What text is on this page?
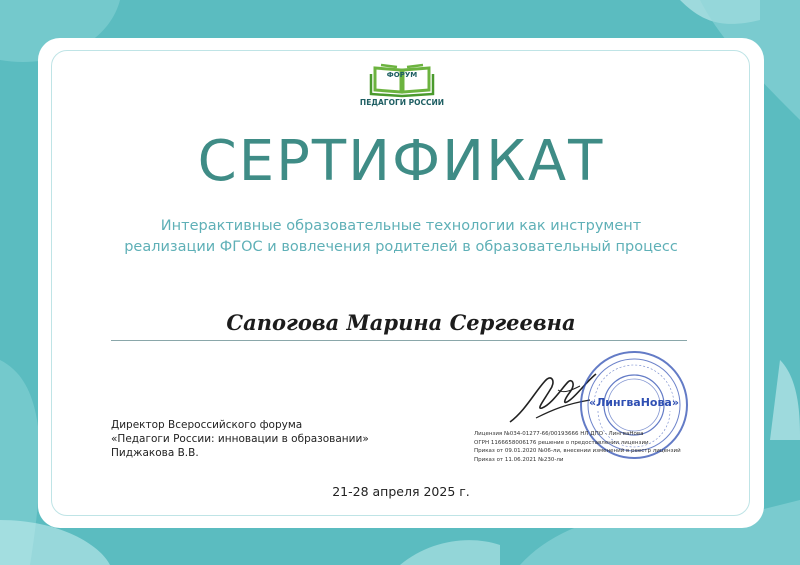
ФОРУМ
ПЕДАГОГИ РОССИИ
СЕРТИФИКАТ
Интерактивные образовательные технологии как инструмент
реализации ФГОС и вовлечения родителей в образовательный процесс
Сапогова Марина Сергеевна
Директор Всероссийского форума
«Педагоги России: инновации в образовании»
Пиджакова В.В.
«ЛингваНова»
Лицензия №034-01277-66/00193666 НЛ ДПО - ЛингваНова
ОГРН 1166658006176 решение о предоставлении лицензии
Приказ от 09.01.2020 №06-ли, внесении изменений в реестр лицензий
Приказ от 11.06.2021 №230-ли
21-28 апреля 2025 г.
